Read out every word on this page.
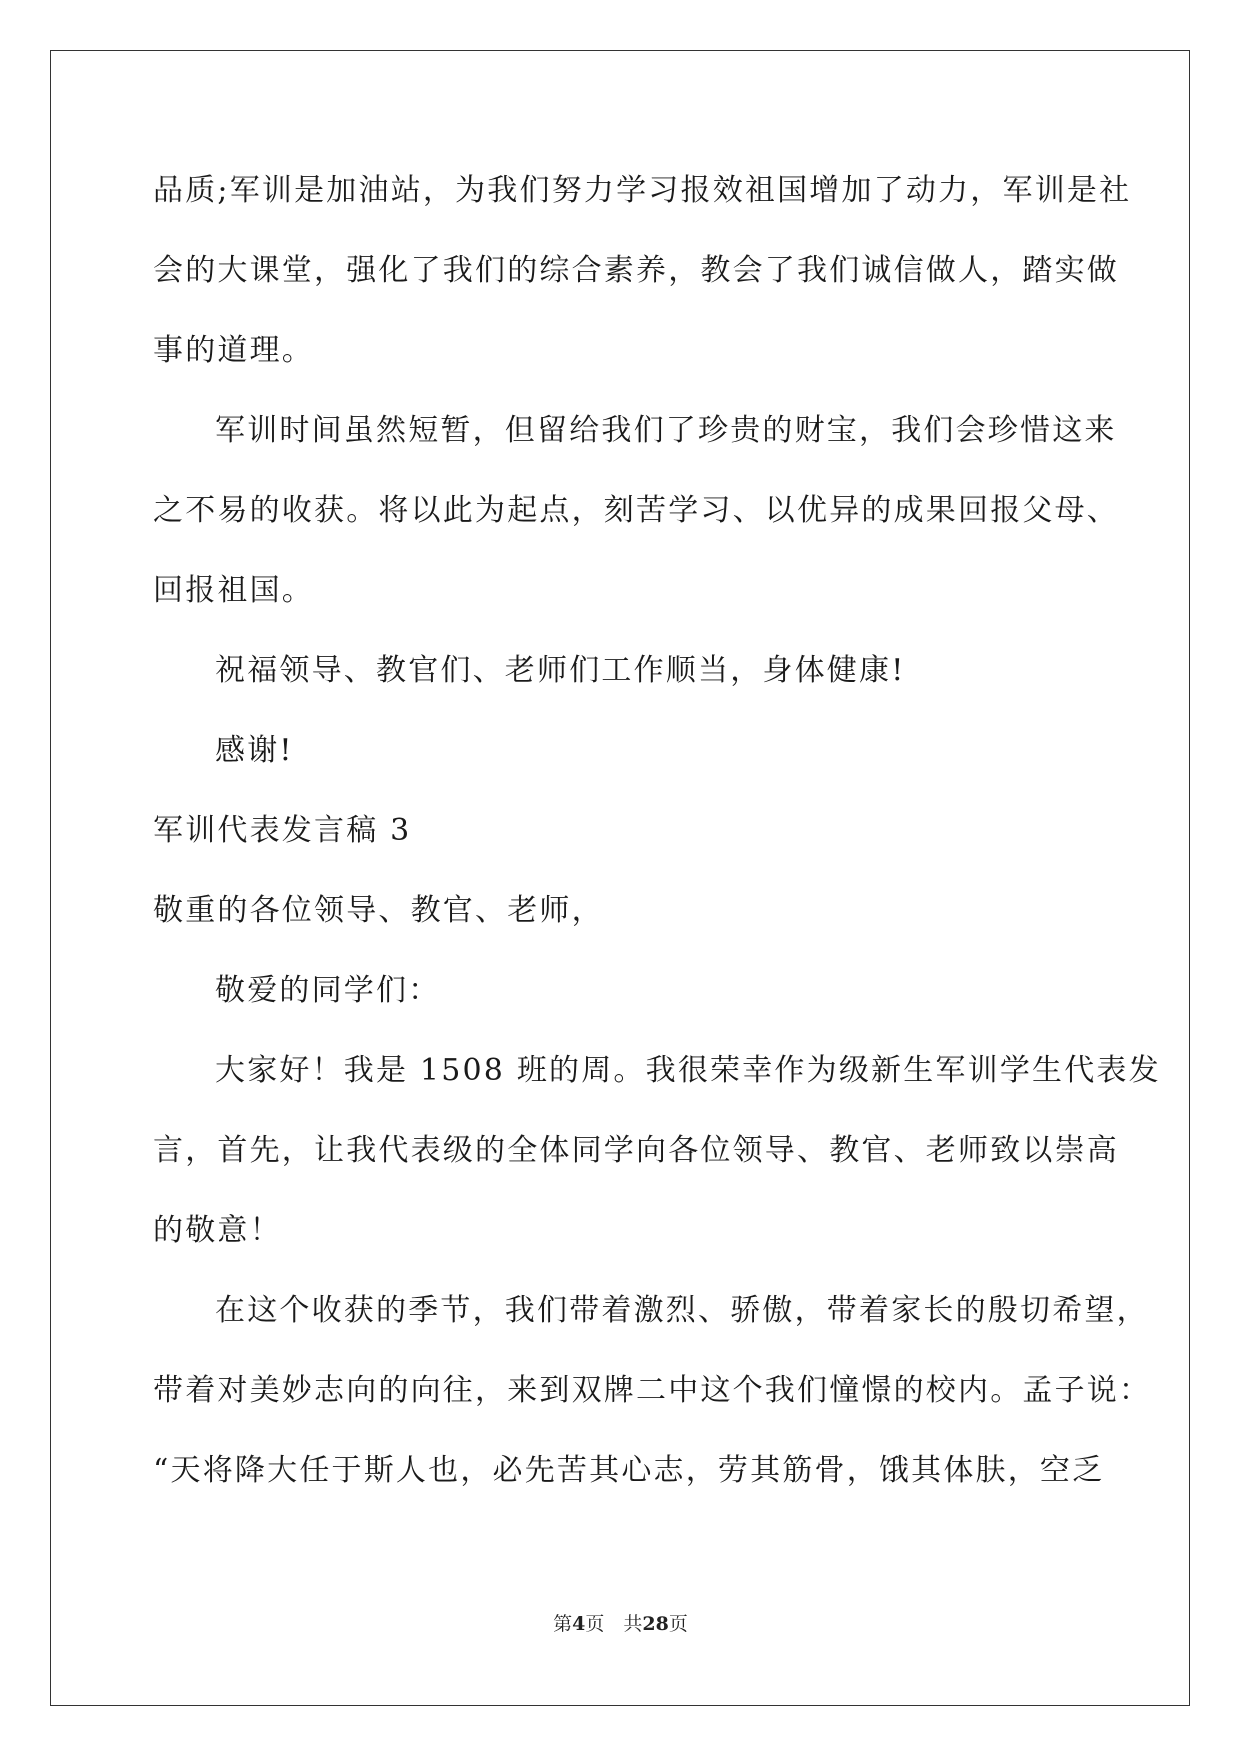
品质;军训是加油站，为我们努力学习报效祖国增加了动力，军训是社
会的大课堂，强化了我们的综合素养，教会了我们诚信做人，踏实做
事的道理。
军训时间虽然短暂，但留给我们了珍贵的财宝，我们会珍惜这来
之不易的收获。将以此为起点，刻苦学习、以优异的成果回报父母、
回报祖国。
祝福领导、教官们、老师们工作顺当，身体健康!
感谢!
军训代表发言稿 3
敬重的各位领导、教官、老师，
敬爱的同学们：
大家好！我是 1508 班的周。我很荣幸作为级新生军训学生代表发
言，首先，让我代表级的全体同学向各位领导、教官、老师致以崇高
的敬意！
在这个收获的季节，我们带着激烈、骄傲，带着家长的殷切希望，
带着对美妙志向的向往，来到双牌二中这个我们憧憬的校内。孟子说：
“天将降大任于斯人也，必先苦其心志，劳其筋骨，饿其体肤，空乏
第4页　共28页
